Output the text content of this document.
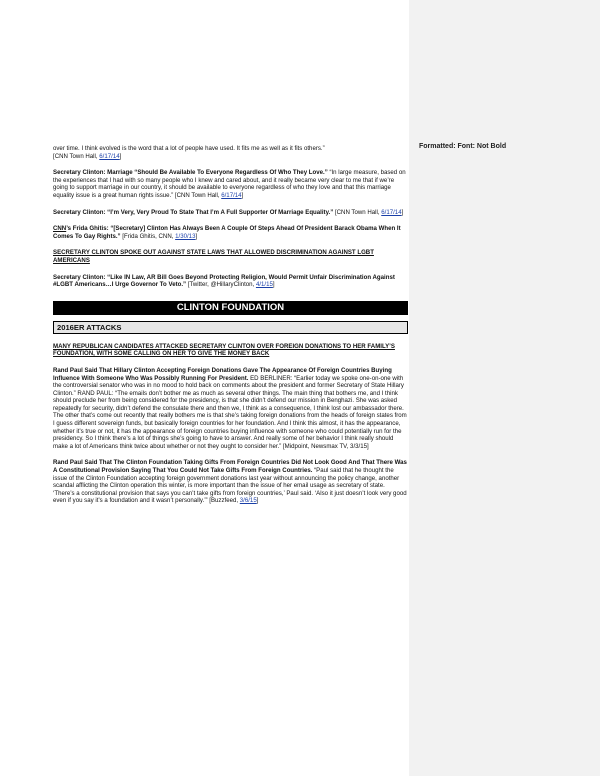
Formatted: Font: Not Bold

over time. I think evolved is the word that a lot of people have used. It fits me as well as it fits others.”
[CNN Town Hall, 6/17/14]

Secretary Clinton: Marriage “Should Be Available To Everyone Regardless Of Who They Love.” “In large measure, based on the experiences that I had with so many people who I knew and cared about, and it really became very clear to me that if we’re going to support marriage in our country, it should be available to everyone regardless of who they love and that this marriage equality issue is a great human rights issue.” [CNN Town Hall, 6/17/14]

Secretary Clinton: “I’m Very, Very Proud To State That I’m A Full Supporter Of Marriage Equality.” [CNN Town Hall, 6/17/14]

CNN’s Frida Ghitis: “[Secretary] Clinton Has Always Been A Couple Of Steps Ahead Of President Barack Obama When It Comes To Gay Rights.” [Frida Ghitis, CNN, 1/30/13]

SECRETARY CLINTON SPOKE OUT AGAINST STATE LAWS THAT ALLOWED DISCRIMINATION AGAINST LGBT AMERICANS

Secretary Clinton: “Like IN Law, AR Bill Goes Beyond Protecting Religion, Would Permit Unfair Discrimination Against #LGBT Americans…I Urge Governor To Veto.” [Twitter, @HillaryClinton, 4/1/15]

CLINTON FOUNDATION
2016ER ATTACKS

MANY REPUBLICAN CANDIDATES ATTACKED SECRETARY CLINTON OVER FOREIGN DONATIONS TO HER FAMILY’S FOUNDATION, WITH SOME CALLING ON HER TO GIVE THE MONEY BACK

Rand Paul Said That Hillary Clinton Accepting Foreign Donations Gave The Appearance Of Foreign Countries Buying Influence With Someone Who Was Possibly Running For President. ED BERLINER: “Earlier today we spoke one-on-one with the controversial senator who was in no mood to hold back on comments about the president and former Secretary of State Hillary Clinton.” RAND PAUL: “The emails don’t bother me as much as several other things. The main thing that bothers me, and I think should preclude her from being considered for the presidency, is that she didn’t defend our mission in Benghazi. She was asked repeatedly for security, didn’t defend the consulate there and then we, I think as a consequence, I think lost our ambassador there. The other that’s come out recently that really bothers me is that she’s taking foreign donations from the heads of foreign states from I guess different sovereign funds, but basically foreign countries for her foundation. And I think this almost, it has the appearance, whether it’s true or not, it has the appearance of foreign countries buying influence with someone who could potentially run for the presidency. So I think there’s a lot of things she’s going to have to answer. And really some of her behavior I think really should make a lot of Americans think twice about whether or not they ought to consider her.” [Midpoint, Newsmax TV, 3/3/15]

Rand Paul Said That The Clinton Foundation Taking Gifts From Foreign Countries Did Not Look Good And That There Was A Constitutional Provision Saying That You Could Not Take Gifts From Foreign Countries. “Paul said that he thought the issue of the Clinton Foundation accepting foreign government donations last year without announcing the policy change, another scandal afflicting the Clinton operation this winter, is more important than the issue of her email usage as secretary of state. ‘There’s a constitutional provision that says you can’t take gifts from foreign countries,’ Paul said. ‘Also it just doesn’t look very good even if you say it’s a foundation and it wasn’t personally.’” [Buzzfeed, 3/6/15]
